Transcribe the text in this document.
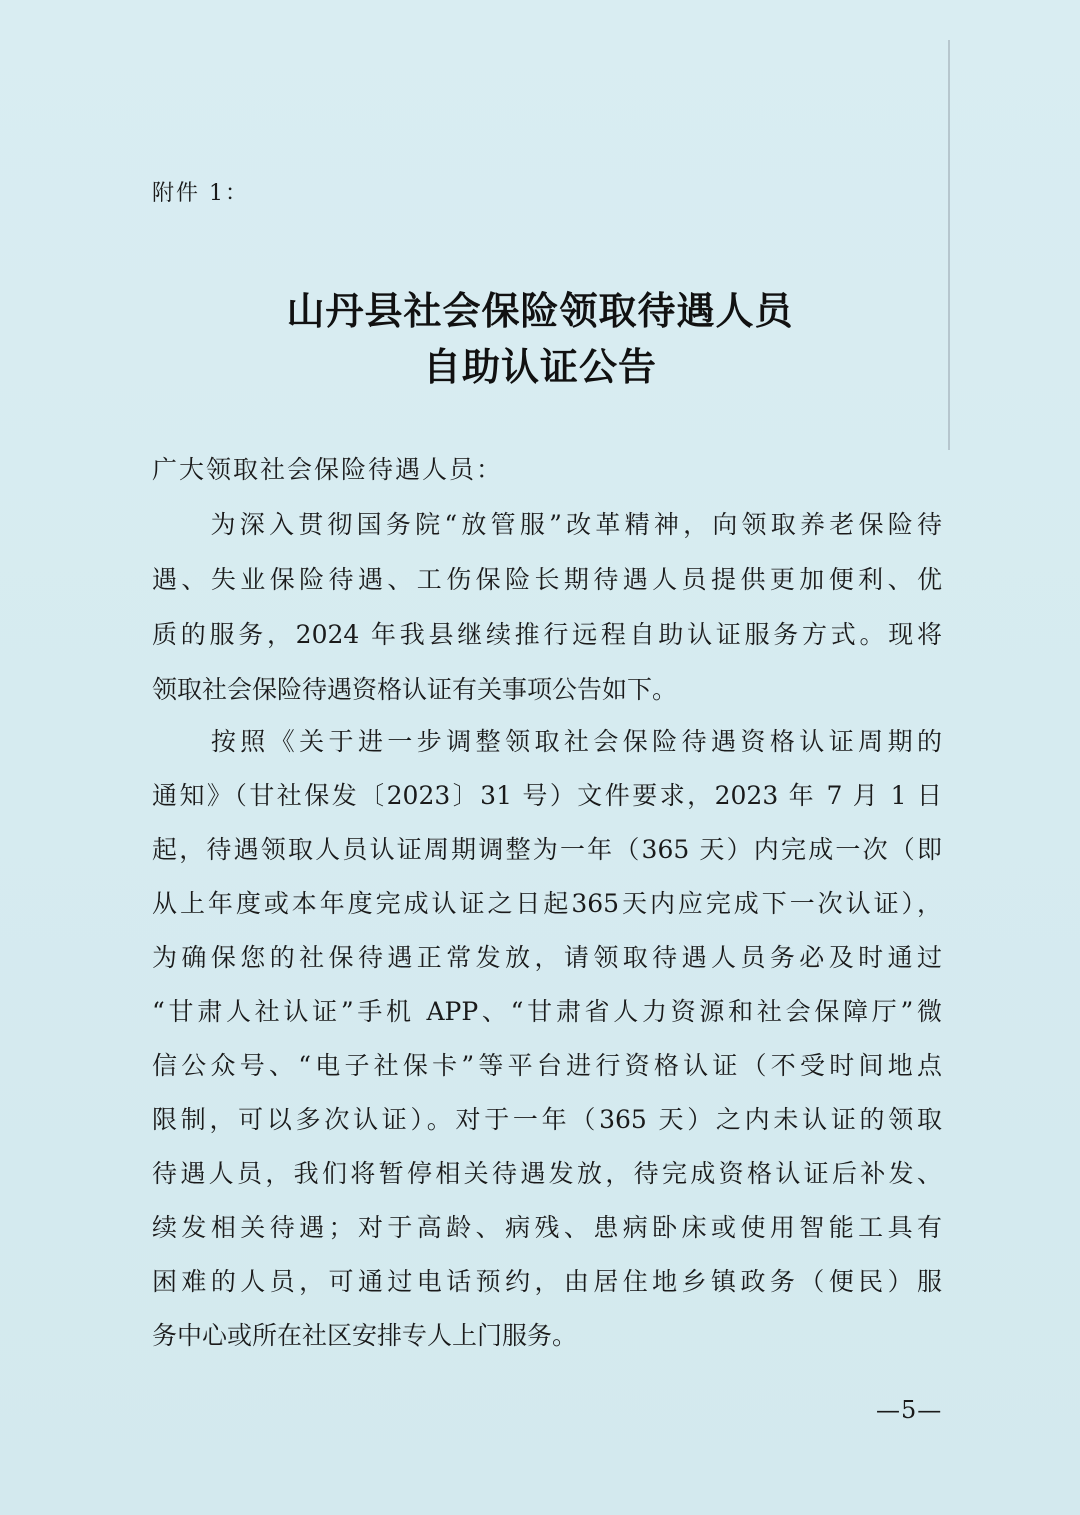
附件 1：
山丹县社会保险领取待遇人员
自助认证公告
广大领取社会保险待遇人员：
　　为深入贯彻国务院“放管服”改革精神，向领取养老保险待
遇、失业保险待遇、工伤保险长期待遇人员提供更加便利、优
质的服务，2024 年我县继续推行远程自助认证服务方式。现将
领取社会保险待遇资格认证有关事项公告如下。
　　按照《关于进一步调整领取社会保险待遇资格认证周期的
通知》（甘社保发〔2023〕31 号）文件要求，2023 年 7 月 1 日
起，待遇领取人员认证周期调整为一年（365 天）内完成一次（即
从上年度或本年度完成认证之日起365天内应完成下一次认证），
为确保您的社保待遇正常发放，请领取待遇人员务必及时通过
“甘肃人社认证”手机 APP、“甘肃省人力资源和社会保障厅”微
信公众号、“电子社保卡”等平台进行资格认证（不受时间地点
限制，可以多次认证）。对于一年（365 天）之内未认证的领取
待遇人员，我们将暂停相关待遇发放，待完成资格认证后补发、
续发相关待遇；对于高龄、病残、患病卧床或使用智能工具有
困难的人员，可通过电话预约，由居住地乡镇政务（便民）服
务中心或所在社区安排专人上门服务。
—5—
